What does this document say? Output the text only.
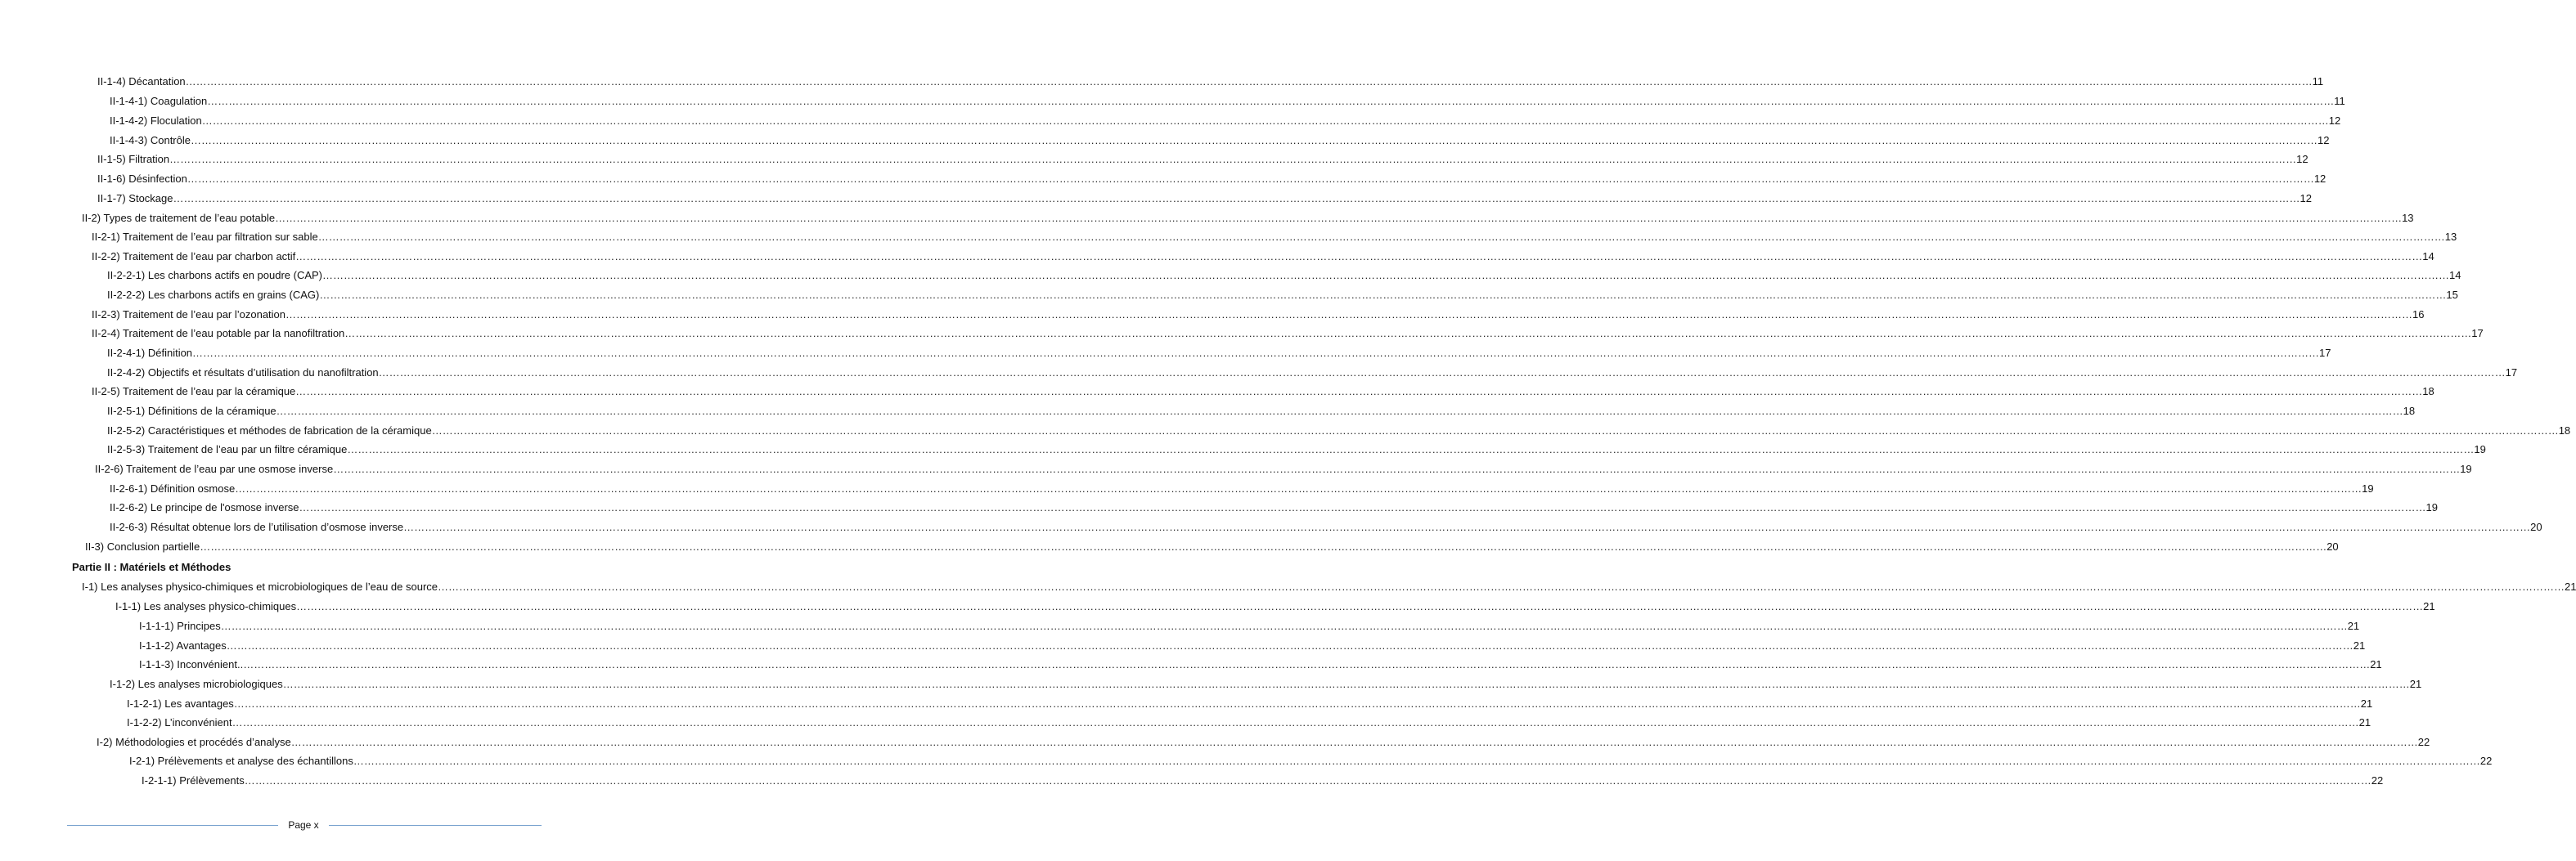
II-1-4) Décantation …………………………………………………………………………………………………………………………………………………………………………………………………………………………………………………………………………………………………………………………………………………………………………………………………………………………………………………………………………………………………………………………………………………… 11
II-1-4-1) Coagulation …………………………………………………………………………………………………………………………………………………………………………………………………………………………………………………………………………………………………………………………………………………………………………………………………………………………………………………………………………………………………………………………………………………… 11
II-1-4-2) Floculation …………………………………………………………………………………………………………………………………………………………………………………………………………………………………………………………………………………………………………………………………………………………………………………………………………………………………………………………………………………………………………………………………………………… 12
II-1-4-3) Contrôle …………………………………………………………………………………………………………………………………………………………………………………………………………………………………………………………………………………………………………………………………………………………………………………………………………………………………………………………………………………………………………………………………………………… 12
II-1-5) Filtration …………………………………………………………………………………………………………………………………………………………………………………………………………………………………………………………………………………………………………………………………………………………………………………………………………………………………………………………………………………………………………………………………………………… 12
II-1-6) Désinfection …………………………………………………………………………………………………………………………………………………………………………………………………………………………………………………………………………………………………………………………………………………………………………………………………………………………………………………………………………………………………………………………………………………… 12
II-1-7) Stockage …………………………………………………………………………………………………………………………………………………………………………………………………………………………………………………………………………………………………………………………………………………………………………………………………………………………………………………………………………………………………………………………………………………… 12
II-2) Types de traitement de l’eau potable …………………………………………………………………………………………………………………………………………………………………………………………………………………………………………………………………………………………………………………………………………………………………………………………………………………………………………………………………………………………………………………………………………………… 13
II-2-1) Traitement de l’eau par filtration sur sable …………………………………………………………………………………………………………………………………………………………………………………………………………………………………………………………………………………………………………………………………………………………………………………………………………………………………………………………………………………………………………………………………………………… 13
II-2-2) Traitement de l’eau par charbon actif …………………………………………………………………………………………………………………………………………………………………………………………………………………………………………………………………………………………………………………………………………………………………………………………………………………………………………………………………………………………………………………………………………………… 14
II-2-2-1) Les charbons actifs en poudre (CAP) …………………………………………………………………………………………………………………………………………………………………………………………………………………………………………………………………………………………………………………………………………………………………………………………………………………………………………………………………………………………………………………………………………………… 14
II-2-2-2) Les charbons actifs en grains (CAG) …………………………………………………………………………………………………………………………………………………………………………………………………………………………………………………………………………………………………………………………………………………………………………………………………………………………………………………………………………………………………………………………………………………… 15
II-2-3) Traitement de l’eau par l’ozonation …………………………………………………………………………………………………………………………………………………………………………………………………………………………………………………………………………………………………………………………………………………………………………………………………………………………………………………………………………………………………………………………………………………… 16
II-2-4) Traitement de l’eau potable par la nanofiltration …………………………………………………………………………………………………………………………………………………………………………………………………………………………………………………………………………………………………………………………………………………………………………………………………………………………………………………………………………………………………………………………………………………… 17
II-2-4-1) Définition …………………………………………………………………………………………………………………………………………………………………………………………………………………………………………………………………………………………………………………………………………………………………………………………………………………………………………………………………………………………………………………………………………………… 17
II-2-4-2) Objectifs et résultats d’utilisation du nanofiltration …………………………………………………………………………………………………………………………………………………………………………………………………………………………………………………………………………………………………………………………………………………………………………………………………………………………………………………………………………………………………………………………………………………… 17
II-2-5) Traitement de l’eau par la céramique …………………………………………………………………………………………………………………………………………………………………………………………………………………………………………………………………………………………………………………………………………………………………………………………………………………………………………………………………………………………………………………………………………………… 18
II-2-5-1) Définitions de la céramique …………………………………………………………………………………………………………………………………………………………………………………………………………………………………………………………………………………………………………………………………………………………………………………………………………………………………………………………………………………………………………………………………………………… 18
II-2-5-2) Caractéristiques et méthodes de fabrication de la céramique …………………………………………………………………………………………………………………………………………………………………………………………………………………………………………………………………………………………………………………………………………………………………………………………………………………………………………………………………………………………………………………………………………………… 18
II-2-5-3) Traitement de l’eau par un filtre céramique …………………………………………………………………………………………………………………………………………………………………………………………………………………………………………………………………………………………………………………………………………………………………………………………………………………………………………………………………………………………………………………………………………………… 19
II-2-6) Traitement de l’eau par une osmose inverse …………………………………………………………………………………………………………………………………………………………………………………………………………………………………………………………………………………………………………………………………………………………………………………………………………………………………………………………………………………………………………………………………………………… 19
II-2-6-1) Définition osmose …………………………………………………………………………………………………………………………………………………………………………………………………………………………………………………………………………………………………………………………………………………………………………………………………………………………………………………………………………………………………………………………………………………… 19
II-2-6-2) Le principe de l'osmose inverse …………………………………………………………………………………………………………………………………………………………………………………………………………………………………………………………………………………………………………………………………………………………………………………………………………………………………………………………………………………………………………………………………………………… 19
II-2-6-3) Résultat obtenue lors de l’utilisation d’osmose inverse …………………………………………………………………………………………………………………………………………………………………………………………………………………………………………………………………………………………………………………………………………………………………………………………………………………………………………………………………………………………………………………………………………………… 20
II-3) Conclusion partielle …………………………………………………………………………………………………………………………………………………………………………………………………………………………………………………………………………………………………………………………………………………………………………………………………………………………………………………………………………………………………………………………………………………… 20
Partie II : Matériels et Méthodes
I-1) Les analyses physico-chimiques et microbiologiques de l’eau de source …………………………………………………………………………………………………………………………………………………………………………………………………………………………………………………………………………………………………………………………………………………………………………………………………………………………………………………………………………………………………………………………………………………… 21
I-1-1) Les analyses physico-chimiques …………………………………………………………………………………………………………………………………………………………………………………………………………………………………………………………………………………………………………………………………………………………………………………………………………………………………………………………………………………………………………………………………………………… 21
I-1-1-1) Principes …………………………………………………………………………………………………………………………………………………………………………………………………………………………………………………………………………………………………………………………………………………………………………………………………………………………………………………………………………………………………………………………………………………… 21
I-1-1-2) Avantages …………………………………………………………………………………………………………………………………………………………………………………………………………………………………………………………………………………………………………………………………………………………………………………………………………………………………………………………………………………………………………………………………………………… 21
I-1-1-3) Inconvénient.. …………………………………………………………………………………………………………………………………………………………………………………………………………………………………………………………………………………………………………………………………………………………………………………………………………………………………………………………………………………………………………………………………………………… 21
I-1-2) Les analyses microbiologiques …………………………………………………………………………………………………………………………………………………………………………………………………………………………………………………………………………………………………………………………………………………………………………………………………………………………………………………………………………………………………………………………………………………… 21
I-1-2-1) Les avantages …………………………………………………………………………………………………………………………………………………………………………………………………………………………………………………………………………………………………………………………………………………………………………………………………………………………………………………………………………………………………………………………………………………… 21
I-1-2-2) L’inconvénient …………………………………………………………………………………………………………………………………………………………………………………………………………………………………………………………………………………………………………………………………………………………………………………………………………………………………………………………………………………………………………………………………………………… 21
I-2) Méthodologies et procédés d’analyse …………………………………………………………………………………………………………………………………………………………………………………………………………………………………………………………………………………………………………………………………………………………………………………………………………………………………………………………………………………………………………………………………………………… 22
I-2-1) Prélèvements et analyse des échantillons …………………………………………………………………………………………………………………………………………………………………………………………………………………………………………………………………………………………………………………………………………………………………………………………………………………………………………………………………………………………………………………………………………………… 22
I-2-1-1) Prélèvements …………………………………………………………………………………………………………………………………………………………………………………………………………………………………………………………………………………………………………………………………………………………………………………………………………………………………………………………………………………………………………………………………………………… 22
Page x
